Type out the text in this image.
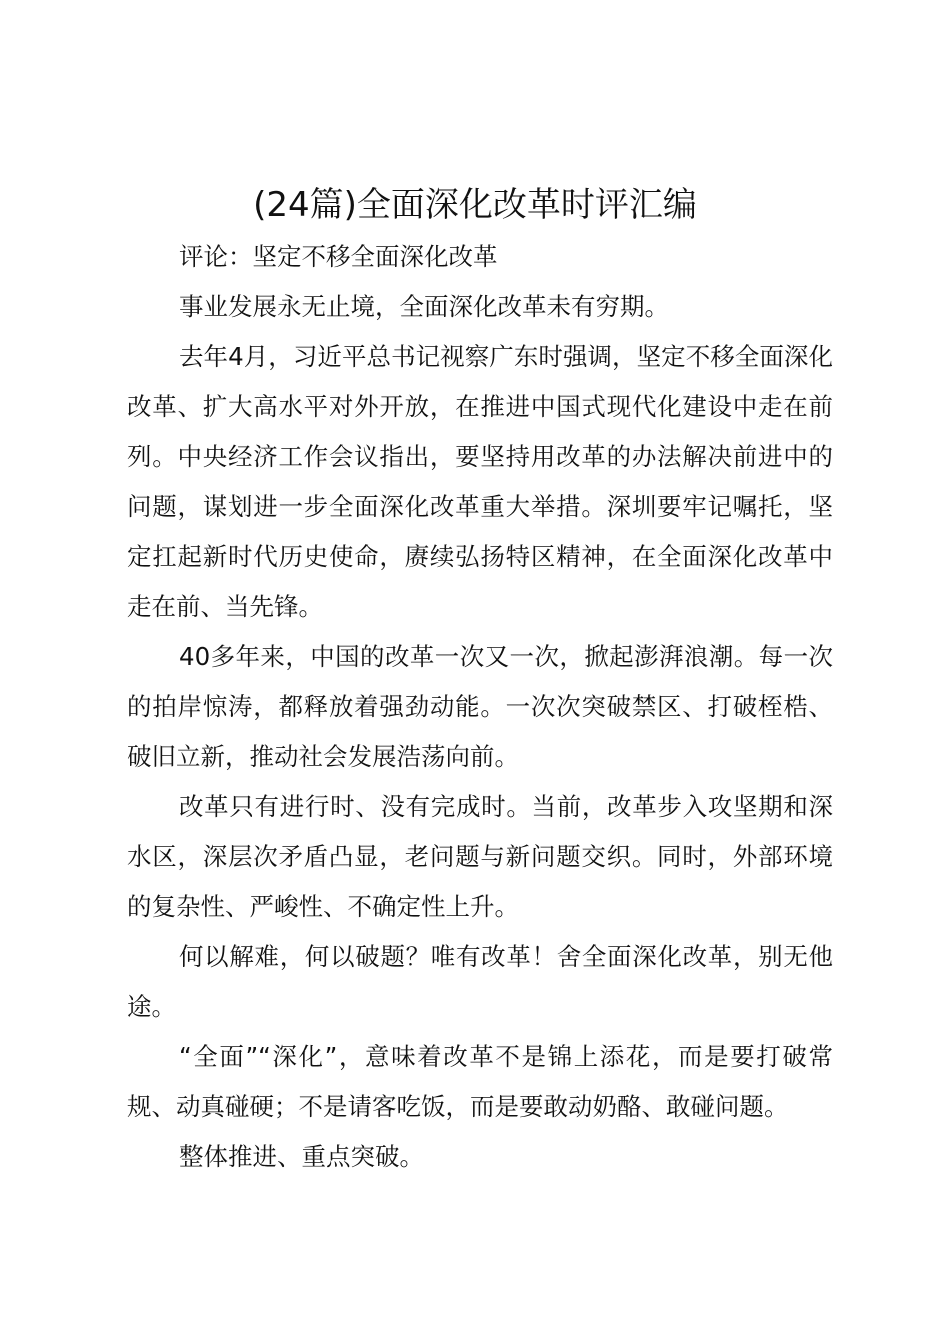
(24篇)全面深化改革时评汇编

评论：坚定不移全面深化改革

事业发展永无止境，全面深化改革未有穷期。

去年4月，习近平总书记视察广东时强调，坚定不移全面深化改革、扩大高水平对外开放，在推进中国式现代化建设中走在前列。中央经济工作会议指出，要坚持用改革的办法解决前进中的问题，谋划进一步全面深化改革重大举措。深圳要牢记嘱托，坚定扛起新时代历史使命，赓续弘扬特区精神，在全面深化改革中走在前、当先锋。

40多年来，中国的改革一次又一次，掀起澎湃浪潮。每一次的拍岸惊涛，都释放着强劲动能。一次次突破禁区、打破桎梏、破旧立新，推动社会发展浩荡向前。

改革只有进行时、没有完成时。当前，改革步入攻坚期和深水区，深层次矛盾凸显，老问题与新问题交织。同时，外部环境的复杂性、严峻性、不确定性上升。

何以解难，何以破题？唯有改革！舍全面深化改革，别无他途。

“全面”“深化”，意味着改革不是锦上添花，而是要打破常规、动真碰硬；不是请客吃饭，而是要敢动奶酪、敢碰问题。

整体推进、重点突破。
